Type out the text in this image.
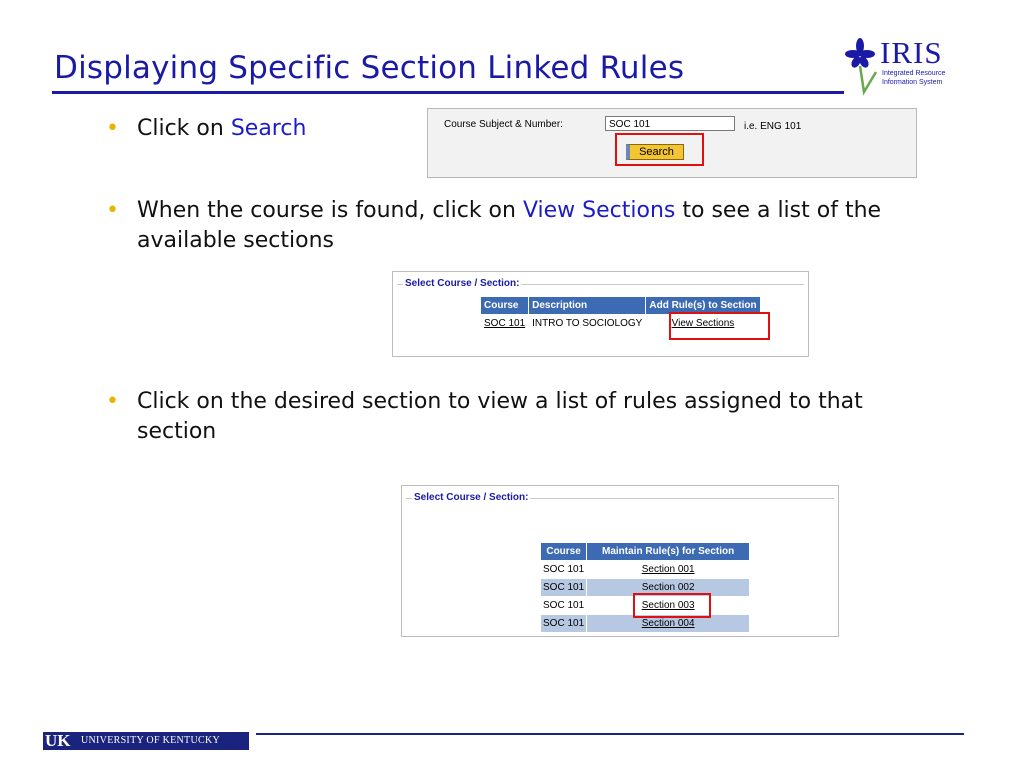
Displaying Specific Section Linked Rules	IRIS
Integrated Resource
Information System
• Click on Search
• When the course is found, click on View Sections to see a list of the available sections
• Click on the desired section to view a list of rules assigned to that section
Course Subject & Number:	SOC 101	i.e. ENG 101
Search
Select Course / Section:
Course	Description	Add Rule(s) to Section
SOC 101	INTRO TO SOCIOLOGY	View Sections
Select Course / Section:
Course	Maintain Rule(s) for Section
SOC 101	Section 001
SOC 101	Section 002
SOC 101	Section 003
SOC 101	Section 004
UK UNIVERSITY OF KENTUCKY
